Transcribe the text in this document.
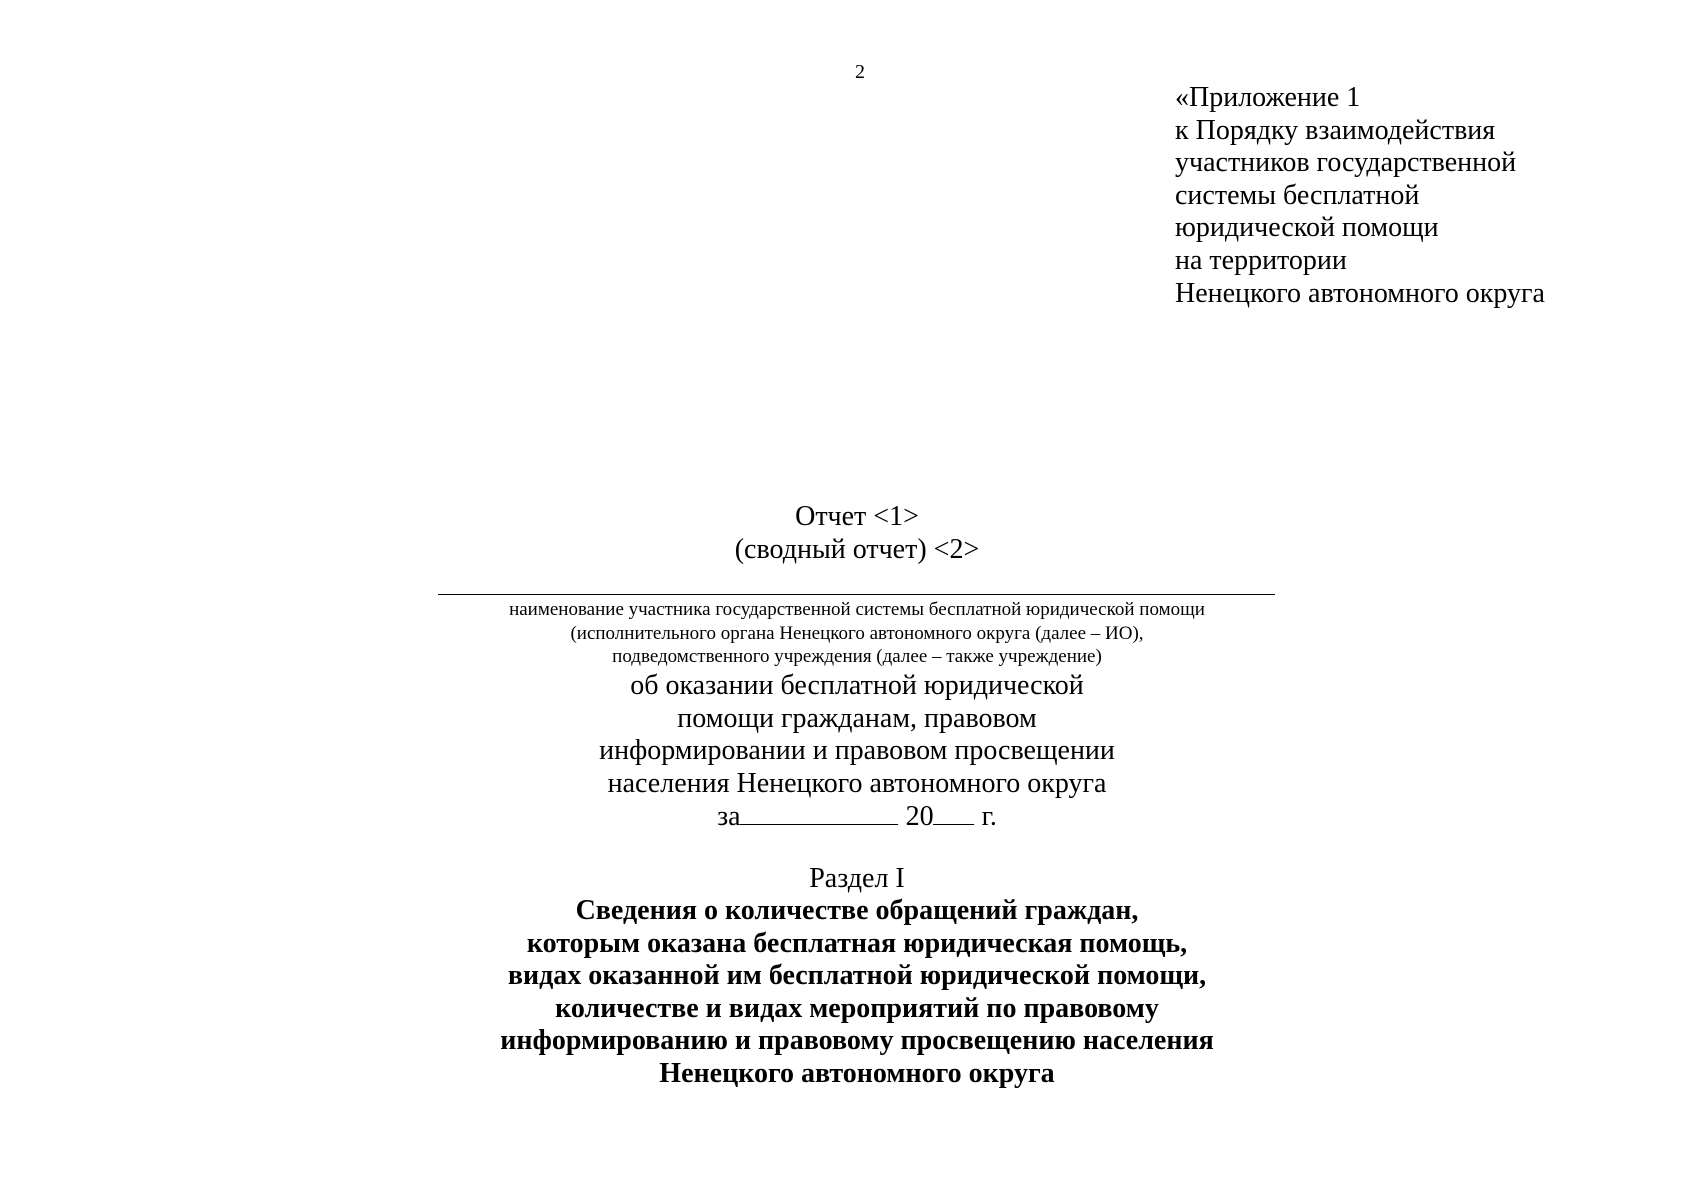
2
«Приложение 1
к Порядку взаимодействия
участников государственной
системы бесплатной
юридической помощи
на территории
Ненецкого автономного округа
Отчет <1>
(сводный отчет) <2>
наименование участника государственной системы бесплатной юридической помощи
(исполнительного органа Ненецкого автономного округа (далее – ИО),
подведомственного учреждения (далее – также учреждение)
об оказании бесплатной юридической
помощи гражданам, правовом
информировании и правовом просвещении
населения Ненецкого автономного округа
за	20 г.
Раздел I
Сведения о количестве обращений граждан,
которым оказана бесплатная юридическая помощь,
видах оказанной им бесплатной юридической помощи,
количестве и видах мероприятий по правовому
информированию и правовому просвещению населения
Ненецкого автономного округа
